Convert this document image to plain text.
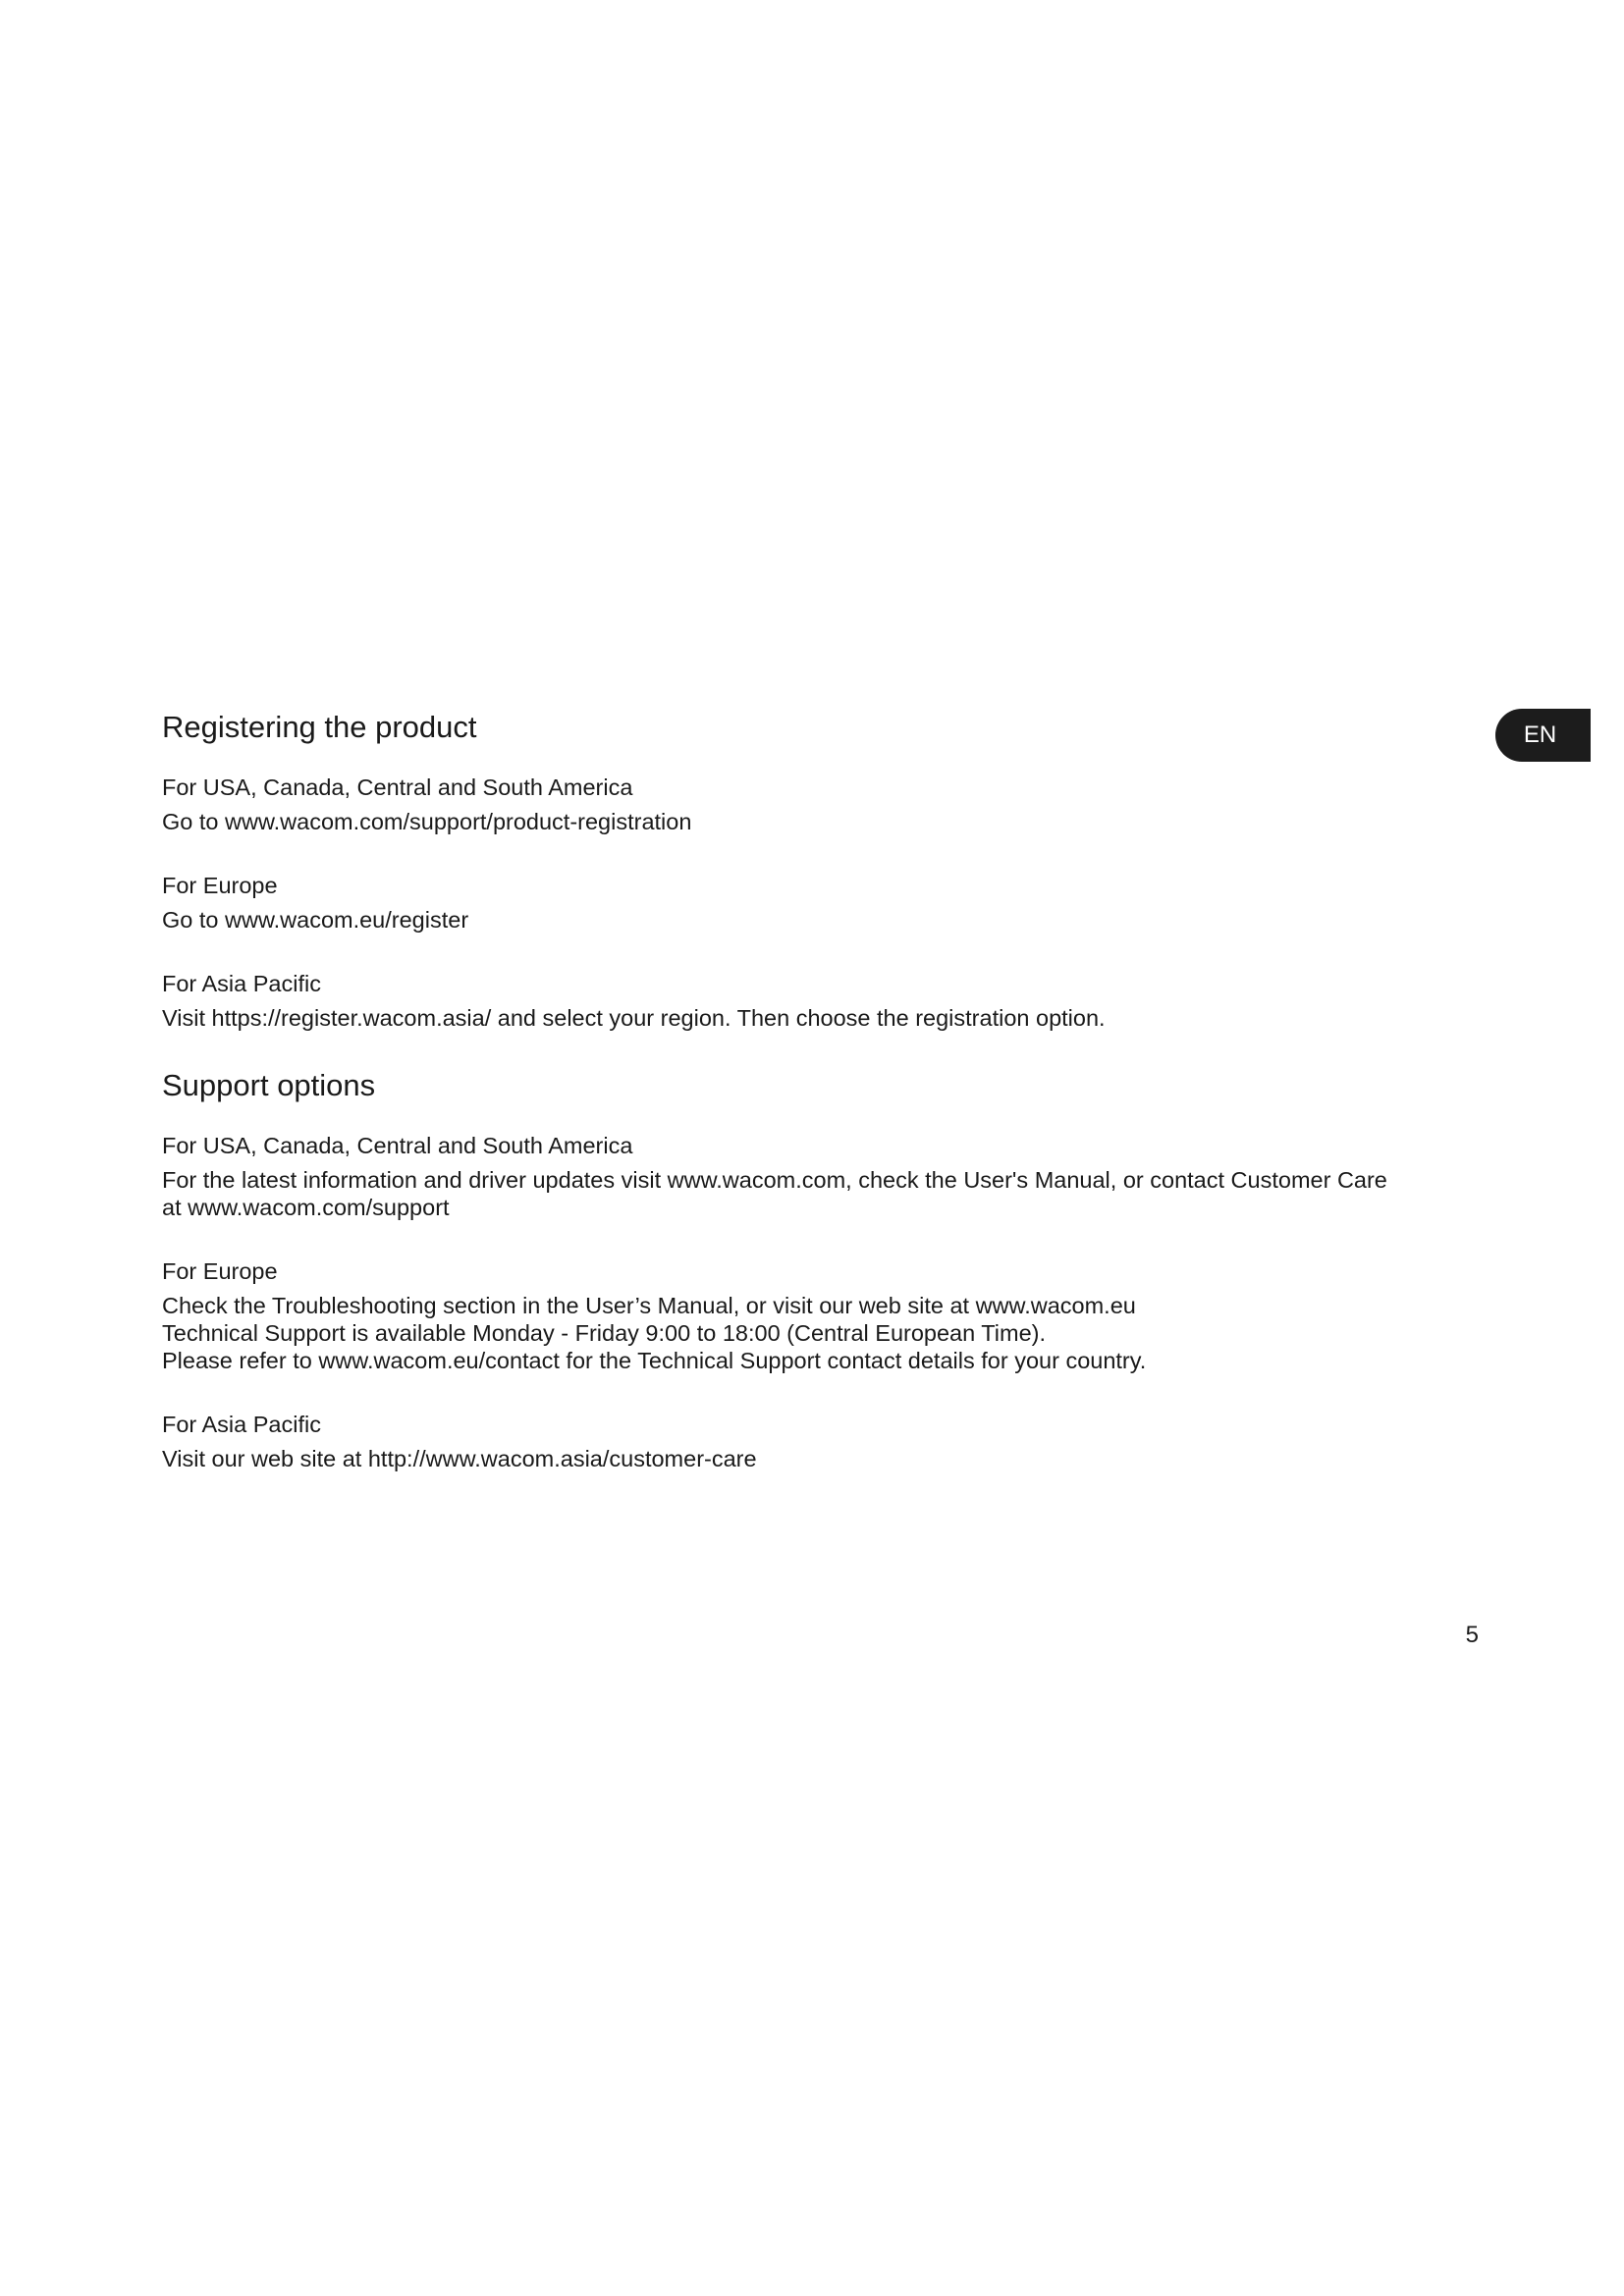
EN
Registering the product
For USA, Canada, Central and South America
Go to www.wacom.com/support/product-registration
For Europe
Go to www.wacom.eu/register
For Asia Pacific
Visit https://register.wacom.asia/ and select your region. Then choose the registration option.
Support options
For USA, Canada, Central and South America
For the latest information and driver updates visit www.wacom.com, check the User's Manual, or contact Customer Care
at www.wacom.com/support
For Europe
Check the Troubleshooting section in the User’s Manual, or visit our web site at www.wacom.eu
Technical Support is available Monday - Friday 9:00 to 18:00 (Central European Time).
Please refer to www.wacom.eu/contact for the Technical Support contact details for your country.
For Asia Pacific
Visit our web site at http://www.wacom.asia/customer-care
5
